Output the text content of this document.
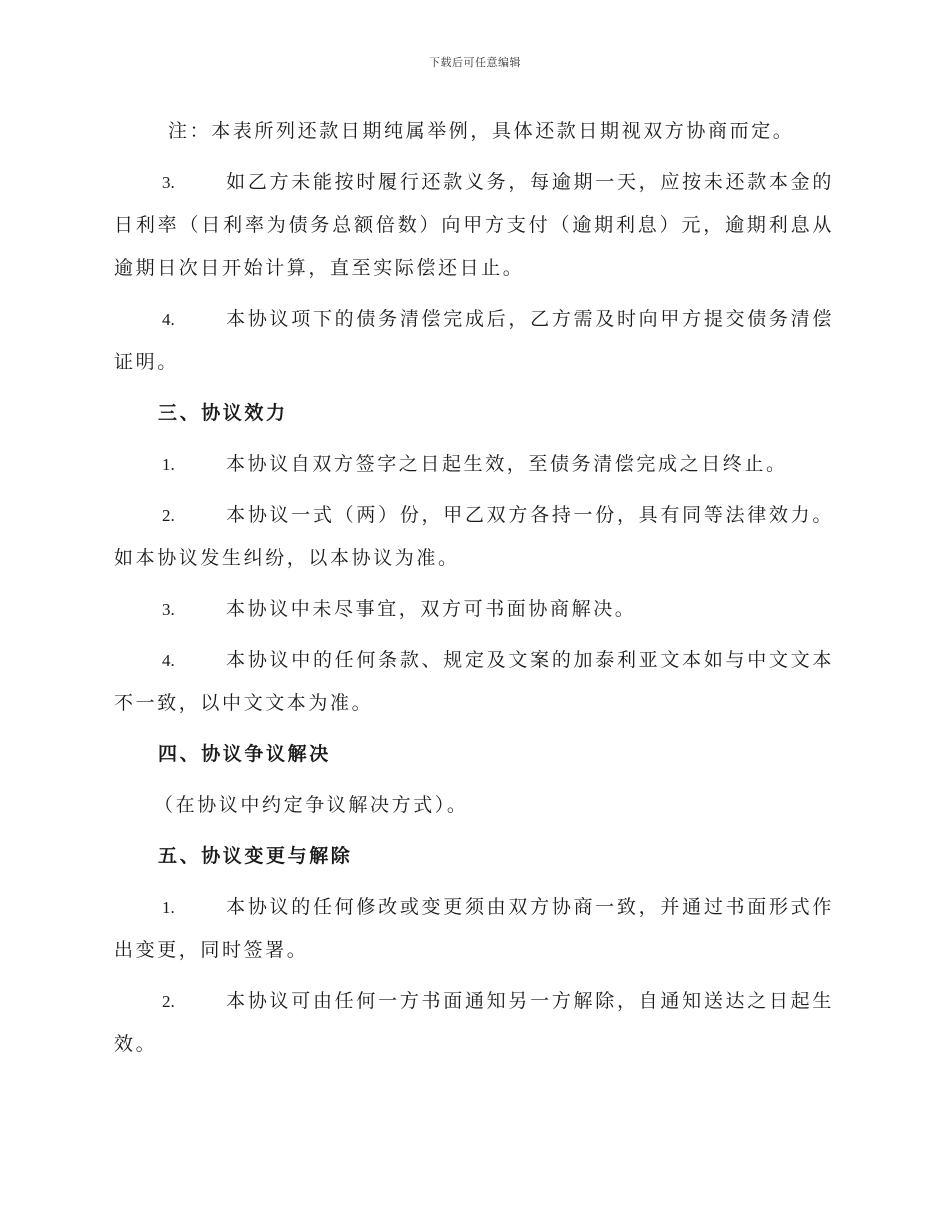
下载后可任意编辑

注：本表所列还款日期纯属举例，具体还款日期视双方协商而定。

3.	如乙方未能按时履行还款义务，每逾期一天，应按未还款本金的日利率（日利率为债务总额倍数）向甲方支付（逾期利息）元，逾期利息从逾期日次日开始计算，直至实际偿还日止。

4.	本协议项下的债务清偿完成后，乙方需及时向甲方提交债务清偿证明。

三、协议效力

1.	本协议自双方签字之日起生效，至债务清偿完成之日终止。

2.	本协议一式（两）份，甲乙双方各持一份，具有同等法律效力。如本协议发生纠纷，以本协议为准。

3.	本协议中未尽事宜，双方可书面协商解决。

4.	本协议中的任何条款、规定及文案的加泰利亚文本如与中文文本不一致，以中文文本为准。

四、协议争议解决

（在协议中约定争议解决方式）。

五、协议变更与解除

1.	本协议的任何修改或变更须由双方协商一致，并通过书面形式作出变更，同时签署。

2.	本协议可由任何一方书面通知另一方解除，自通知送达之日起生效。
